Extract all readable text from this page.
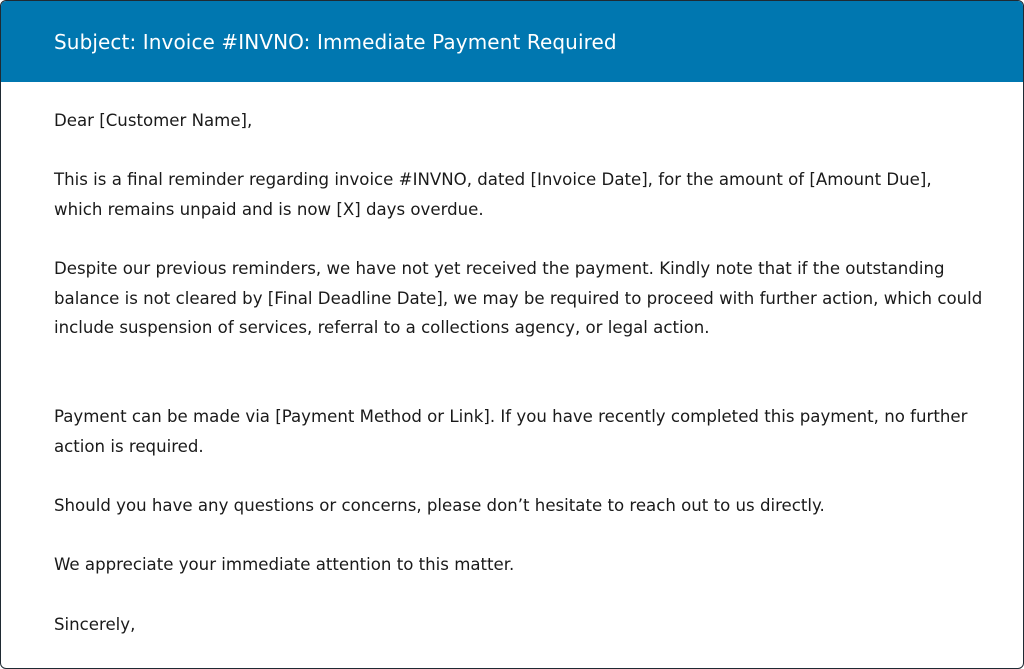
Subject: Invoice #INVNO: Immediate Payment Required

Dear [Customer Name],

This is a final reminder regarding invoice #INVNO, dated [Invoice Date], for the amount of [Amount Due], which remains unpaid and is now [X] days overdue.

Despite our previous reminders, we have not yet received the payment. Kindly note that if the outstanding balance is not cleared by [Final Deadline Date], we may be required to proceed with further action, which could include suspension of services, referral to a collections agency, or legal action.

Payment can be made via [Payment Method or Link]. If you have recently completed this payment, no further action is required.

Should you have any questions or concerns, please don’t hesitate to reach out to us directly.

We appreciate your immediate attention to this matter.

Sincerely,
